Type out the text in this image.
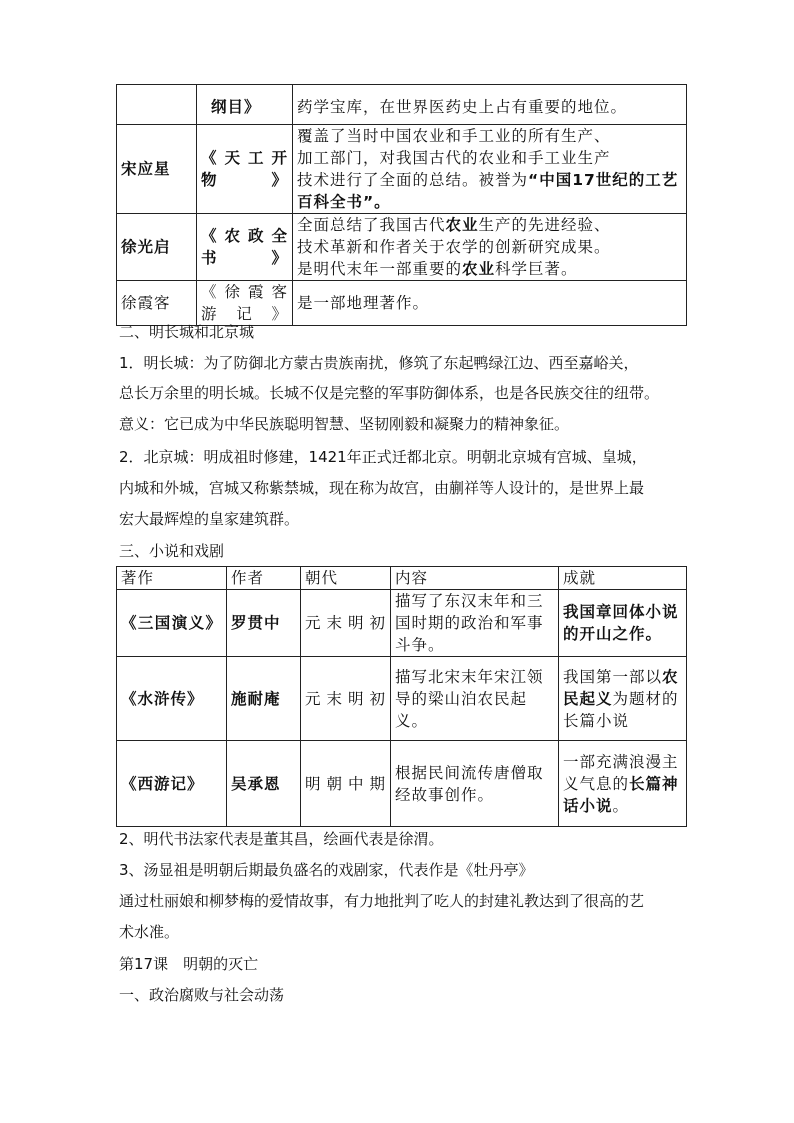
	纲目》	药学宝库，在世界医药史上占有重要的地位。
宋应星	《 天 工 开物》	覆盖了当时中国农业和手工业的所有生产、
加工部门，对我国古代的农业和手工业生产
技术进行了全面的总结。被誉为“中国17世纪的工艺百科全书”。

徐光启	《 农 政 全书》	全面总结了我国古代农业生产的先进经验、
技术革新和作者关于农学的创新研究成果。
是明代末年一部重要的农业科学巨著。

徐霞客	《 徐 霞 客游记》	是一部地理著作。
二、明长城和北京城
1．明长城：为了防御北方蒙古贵族南扰，修筑了东起鸭绿江边、西至嘉峪关，
总长万余里的明长城。长城不仅是完整的军事防御体系，也是各民族交往的纽带。
意义：它已成为中华民族聪明智慧、坚韧刚毅和凝聚力的精神象征。
2．北京城：明成祖时修建，1421年正式迁都北京。明朝北京城有宫城、皇城，
内城和外城，宫城又称紫禁城，现在称为故宫，由蒯祥等人设计的，是世界上最
宏大最辉煌的皇家建筑群。
三、小说和戏剧
著作	作者	朝代	内容	成就
《三国演义》	罗贯中	元末明初	描写了东汉末年和三国时期的政治和军事斗争。	我国章回体小说的开山之作。
《水浒传》	施耐庵	元末明初	描写北宋末年宋江领导的梁山泊农民起义。	我国第一部以农民起义为题材的长篇小说
《西游记》	吴承恩	明朝中期	根据民间流传唐僧取经故事创作。	一部充满浪漫主义气息的长篇神话小说。
2、明代书法家代表是董其昌，绘画代表是徐渭。
3、汤显祖是明朝后期最负盛名的戏剧家，代表作是《牡丹亭》
通过杜丽娘和柳梦梅的爱情故事，有力地批判了吃人的封建礼教达到了很高的艺
术水准。
第17课　明朝的灭亡
一、政治腐败与社会动荡
